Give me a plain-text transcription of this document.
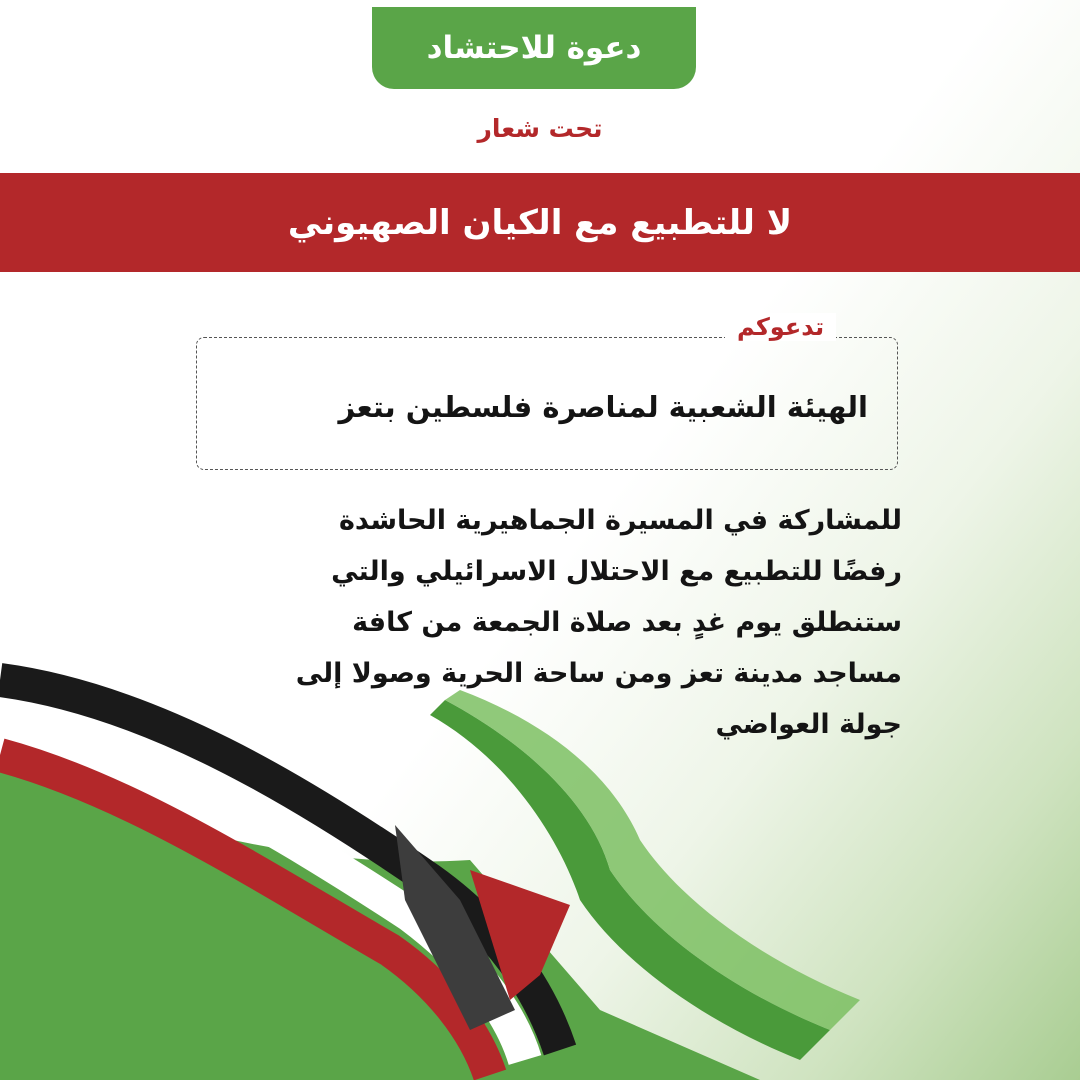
دعوة للاحتشاد
تحت شعار
لا للتطبيع مع الكيان الصهيوني
تدعوكم
الهيئة الشعبية لمناصرة فلسطين بتعز
للمشاركة في المسيرة الجماهيرية الحاشدة
رفضًا للتطبيع مع الاحتلال الاسرائيلي والتي
ستنطلق يوم غدٍ بعد صلاة الجمعة من كافة
مساجد مدينة تعز ومن ساحة الحرية وصولا إلى
جولة العواضي
